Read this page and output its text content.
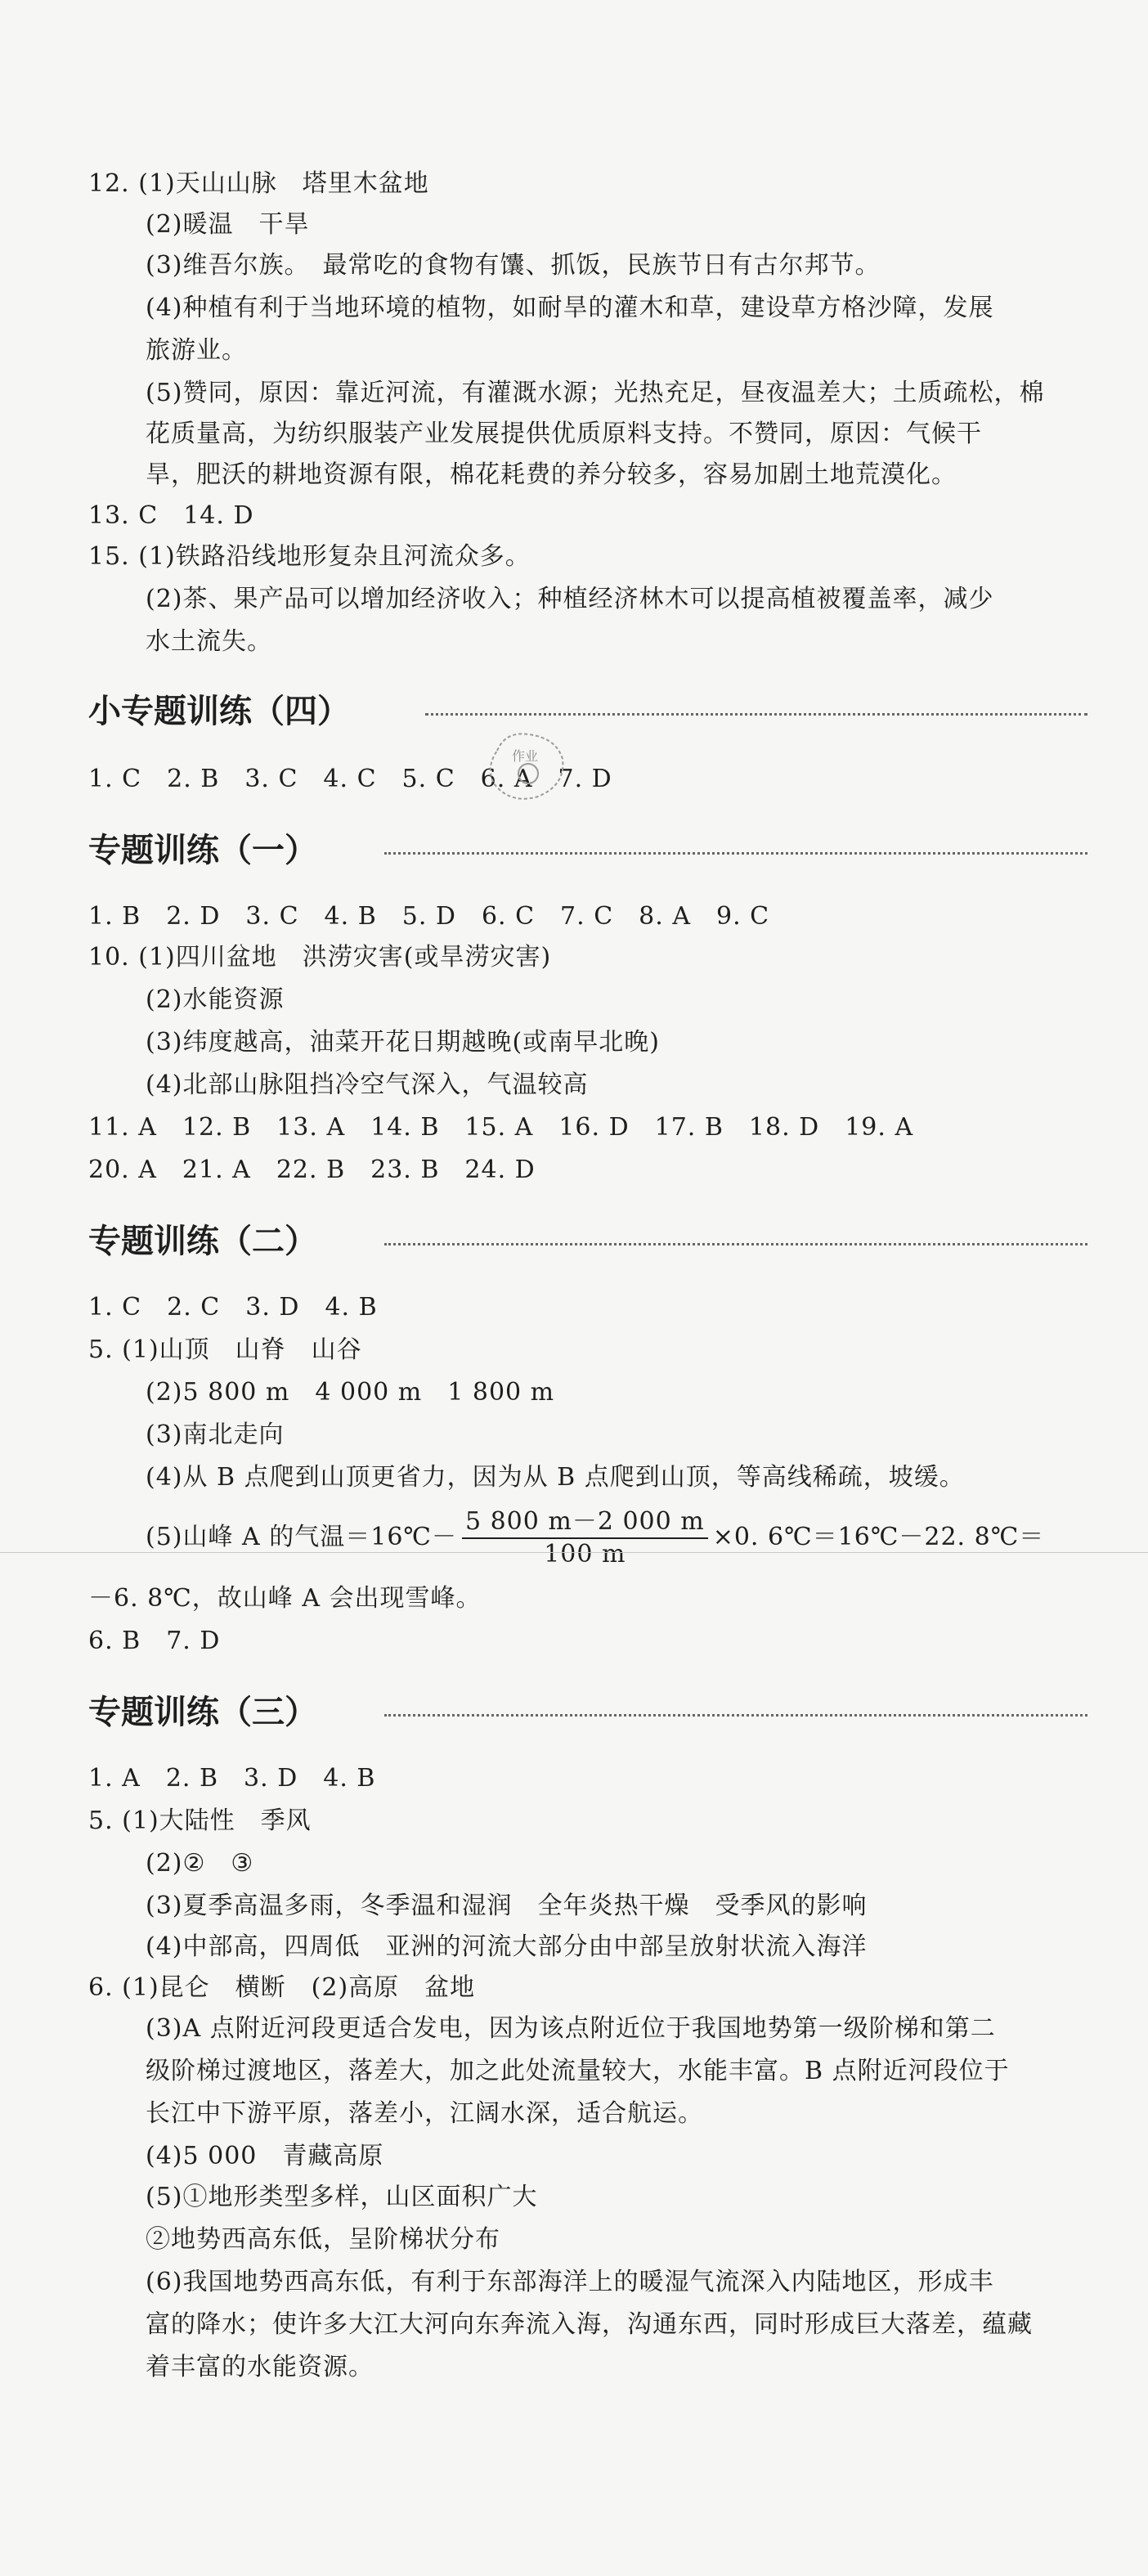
12. (1)天山山脉　塔里木盆地
(2)暖温　干旱
(3)维吾尔族。　最常吃的食物有馕、抓饭，民族节日有古尔邦节。
(4)种植有利于当地环境的植物，如耐旱的灌木和草，建设草方格沙障，发展
旅游业。
(5)赞同，原因：靠近河流，有灌溉水源；光热充足，昼夜温差大；土质疏松，棉
花质量高，为纺织服装产业发展提供优质原料支持。不赞同，原因：气候干
旱，肥沃的耕地资源有限，棉花耗费的养分较多，容易加剧土地荒漠化。
13. C　14. D
15. (1)铁路沿线地形复杂且河流众多。
(2)茶、果产品可以增加经济收入；种植经济林木可以提高植被覆盖率，减少
水土流失。
小专题训练（四）
1. C　2. B　3. C　4. C　5. C　6. A　7. D
作业
专题训练（一）
1. B　2. D　3. C　4. B　5. D　6. C　7. C　8. A　9. C
10. (1)四川盆地　洪涝灾害(或旱涝灾害)
(2)水能资源
(3)纬度越高，油菜开花日期越晚(或南早北晚)
(4)北部山脉阻挡冷空气深入，气温较高
11. A　12. B　13. A　14. B　15. A　16. D　17. B　18. D　19. A
20. A　21. A　22. B　23. B　24. D
专题训练（二）
1. C　2. C　3. D　4. B
5. (1)山顶　山脊　山谷
(2)5 800 m　4 000 m　1 800 m
(3)南北走向
(4)从 B 点爬到山顶更省力，因为从 B 点爬到山顶，等高线稀疏，坡缓。
(5)山峰 A 的气温＝16℃－ $\frac{5 800 m-2 000 m}{100 m} \times 0$. 6℃＝16℃－22. 8℃＝
－6. 8℃，故山峰 A 会出现雪峰。
6. B　7. D
专题训练（三）
1. A　2. B　3. D　4. B
5. (1)大陆性　季风
(2)②　③
(3)夏季高温多雨，冬季温和湿润　全年炎热干燥　受季风的影响
(4)中部高，四周低　亚洲的河流大部分由中部呈放射状流入海洋
6. (1)昆仑　横断　(2)高原　盆地
(3)A 点附近河段更适合发电，因为该点附近位于我国地势第一级阶梯和第二
级阶梯过渡地区，落差大，加之此处流量较大，水能丰富。B 点附近河段位于
长江中下游平原，落差小，江阔水深，适合航运。
(4)5 000　青藏高原
(5)①地形类型多样，山区面积广大
②地势西高东低，呈阶梯状分布
(6)我国地势西高东低，有利于东部海洋上的暖湿气流深入内陆地区，形成丰
富的降水；使许多大江大河向东奔流入海，沟通东西，同时形成巨大落差，蕴藏
着丰富的水能资源。
